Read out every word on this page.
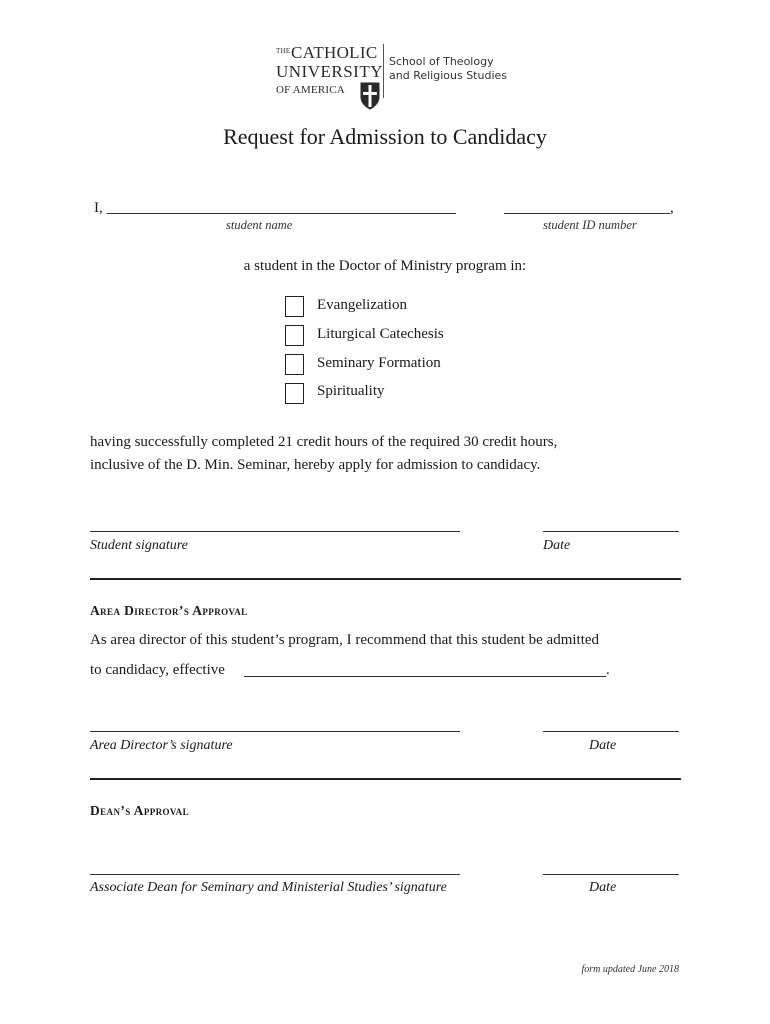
THE CATHOLIC
UNIVERSITY
OF AMERICA
School of Theology
and Religious Studies
Request for Admission to Candidacy
I,
student name
,
student ID number
a student in the Doctor of Ministry program in:
Evangelization
Liturgical Catechesis
Seminary Formation
Spirituality
having successfully completed 21 credit hours of the required 30 credit hours,
inclusive of the D. Min. Seminar, hereby apply for admission to candidacy.
Student signature	Date
Area Director’s Approval
As area director of this student’s program, I recommend that this student be admitted
to candidacy, effective	.
Area Director’s signature	Date
Dean’s Approval
Associate Dean for Seminary and Ministerial Studies’ signature	Date
form updated June 2018
